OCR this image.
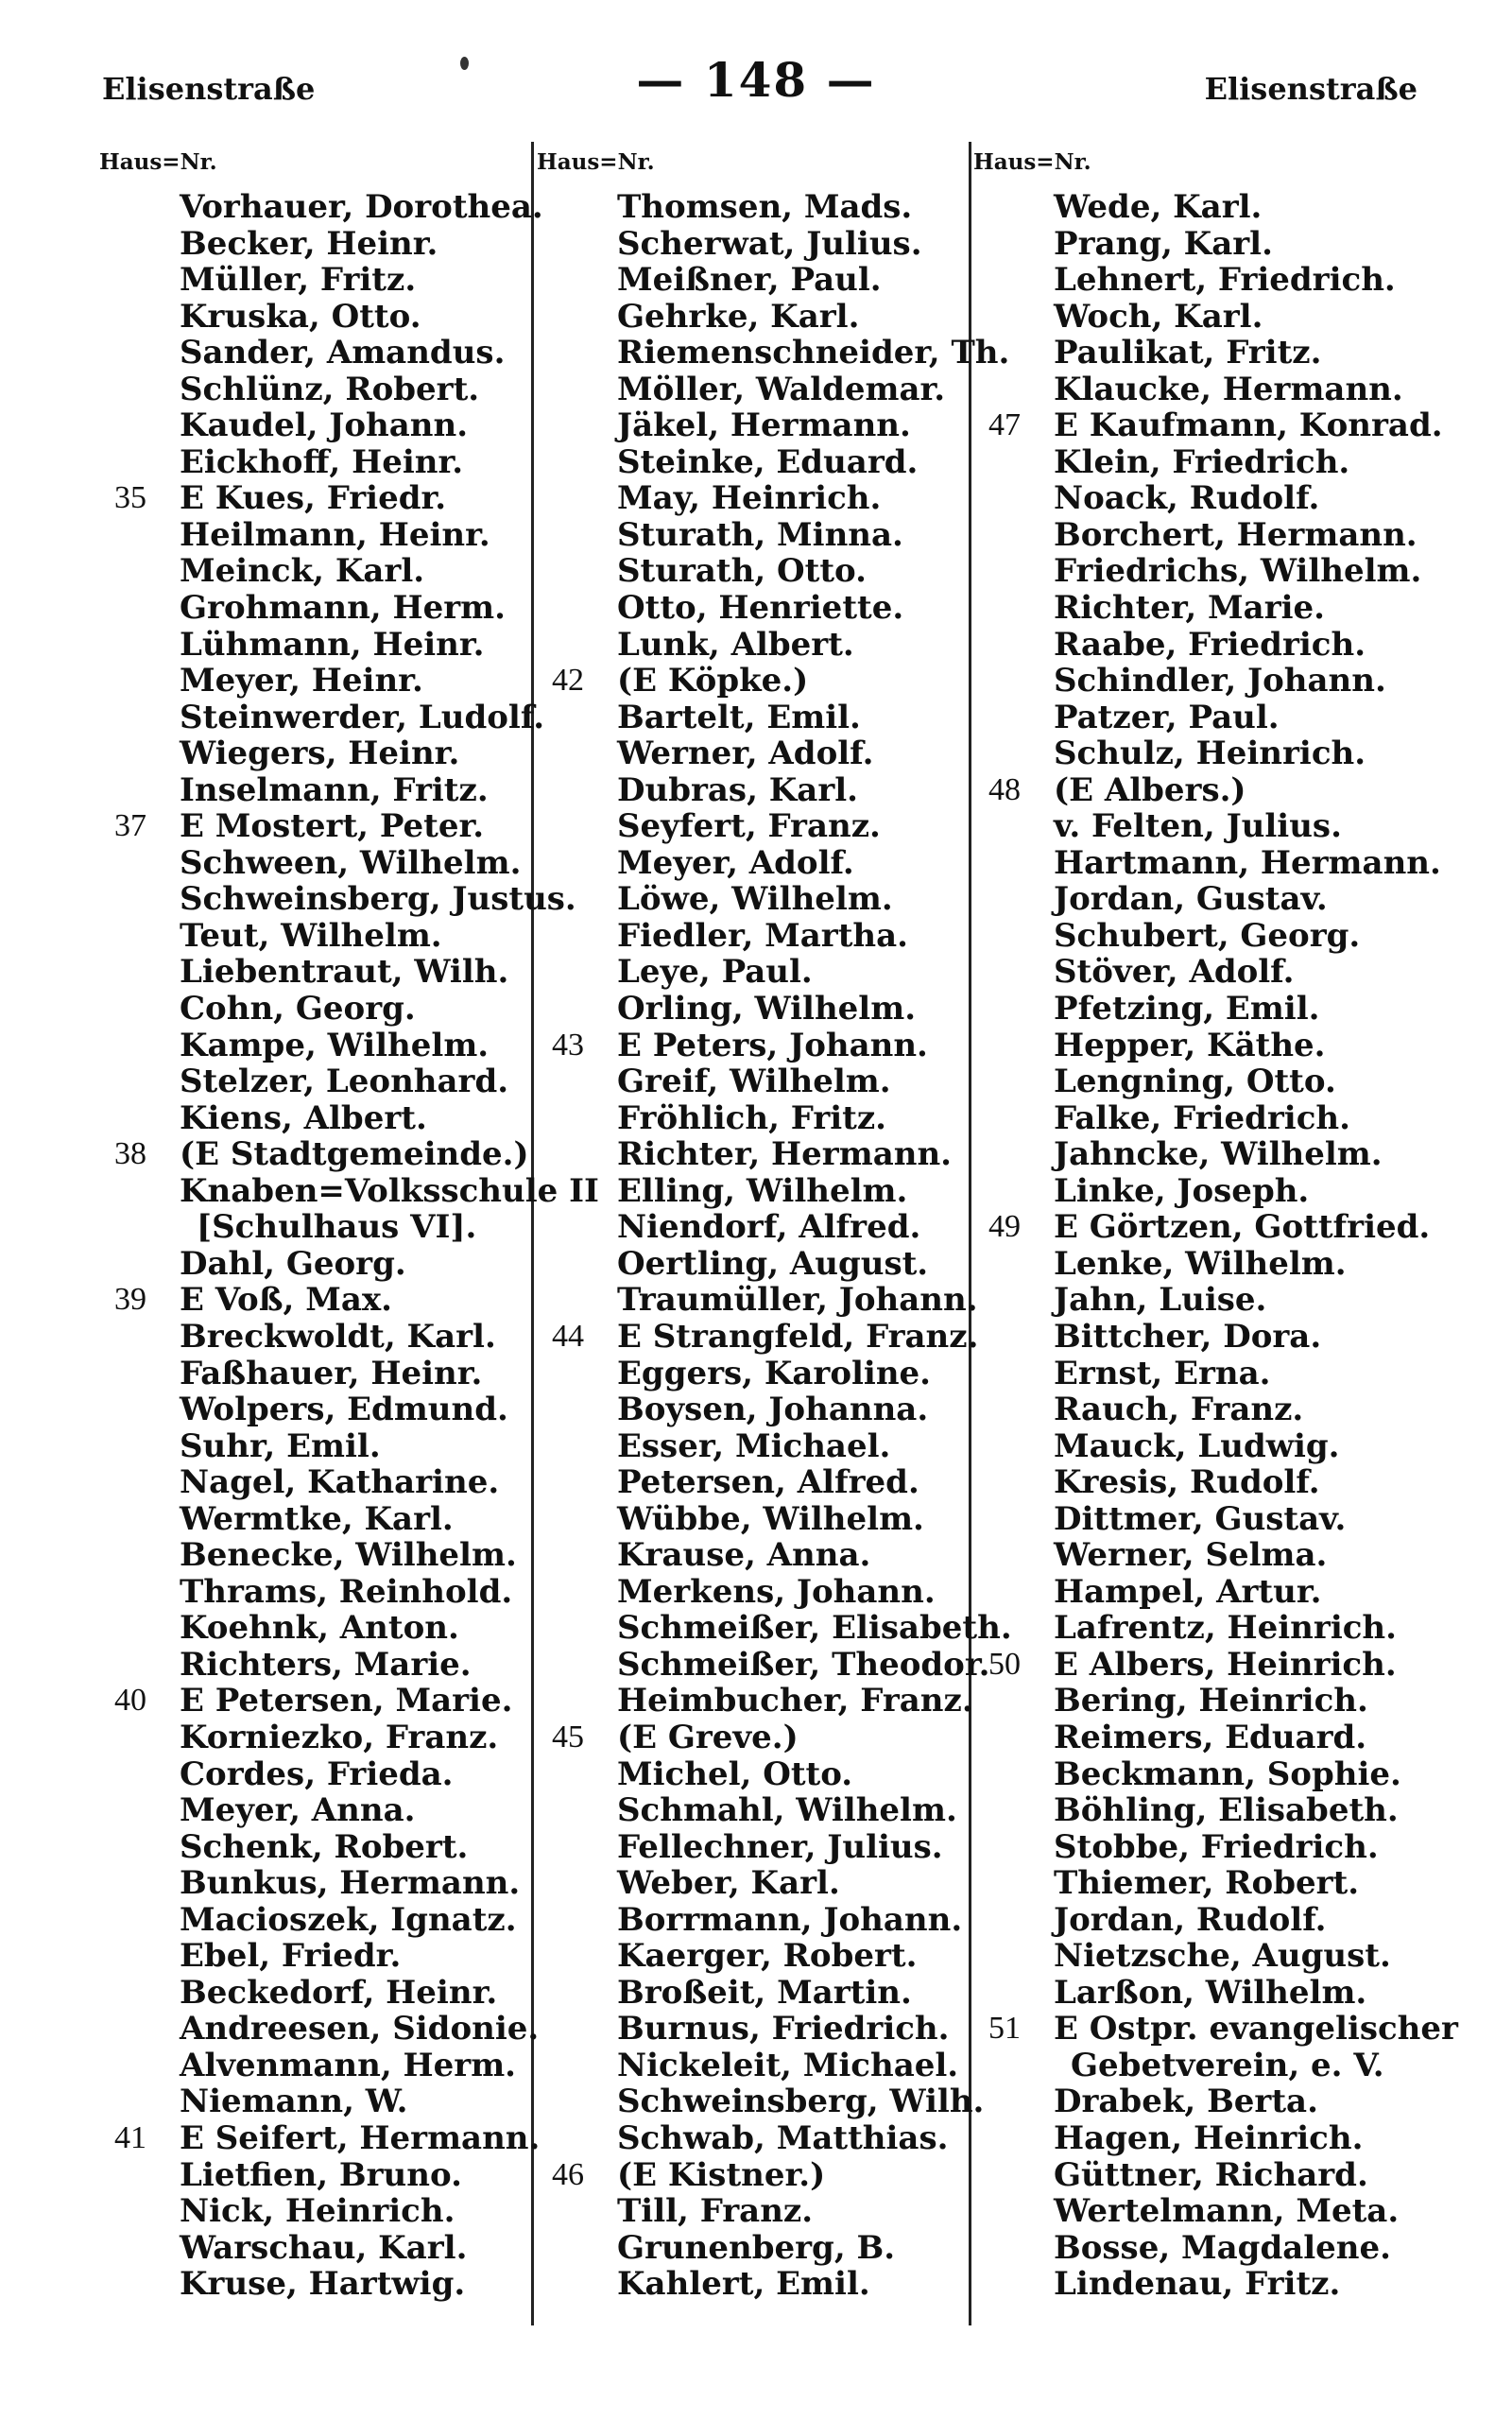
Elisenstraße	— 148 —	Elisenstraße
Haus=Nr.
Vorhauer, Dorothea.
Becker, Heinr.
Müller, Fritz.
Kruska, Otto.
Sander, Amandus.
Schlünz, Robert.
Kaudel, Johann.
Eickhoff, Heinr.
35 E Kues, Friedr.
Heilmann, Heinr.
Meinck, Karl.
Grohmann, Herm.
Lühmann, Heinr.
Meyer, Heinr.
Steinwerder, Ludolf.
Wiegers, Heinr.
Inselmann, Fritz.
37 E Mostert, Peter.
Schween, Wilhelm.
Schweinsberg, Justus.
Teut, Wilhelm.
Liebentraut, Wilh.
Cohn, Georg.
Kampe, Wilhelm.
Stelzer, Leonhard.
Kiens, Albert.
38 (E Stadtgemeinde.)
Knaben=Volksschule II
[Schulhaus VI].
Dahl, Georg.
39 E Voß, Max.
Breckwoldt, Karl.
Faßhauer, Heinr.
Wolpers, Edmund.
Suhr, Emil.
Nagel, Katharine.
Wermtke, Karl.
Benecke, Wilhelm.
Thrams, Reinhold.
Koehnk, Anton.
Richters, Marie.
40 E Petersen, Marie.
Korniezko, Franz.
Cordes, Frieda.
Meyer, Anna.
Schenk, Robert.
Bunkus, Hermann.
Macioszek, Ignatz.
Ebel, Friedr.
Beckedorf, Heinr.
Andreesen, Sidonie.
Alvenmann, Herm.
Niemann, W.
41 E Seifert, Hermann.
Lietfien, Bruno.
Nick, Heinrich.
Warschau, Karl.
Kruse, Hartwig.
Haus=Nr.
Thomsen, Mads.
Scherwat, Julius.
Meißner, Paul.
Gehrke, Karl.
Riemenschneider, Th.
Möller, Waldemar.
Jäkel, Hermann.
Steinke, Eduard.
May, Heinrich.
Sturath, Minna.
Sturath, Otto.
Otto, Henriette.
Lunk, Albert.
42 (E Köpke.)
Bartelt, Emil.
Werner, Adolf.
Dubras, Karl.
Seyfert, Franz.
Meyer, Adolf.
Löwe, Wilhelm.
Fiedler, Martha.
Leye, Paul.
Orling, Wilhelm.
43 E Peters, Johann.
Greif, Wilhelm.
Fröhlich, Fritz.
Richter, Hermann.
Elling, Wilhelm.
Niendorf, Alfred.
Oertling, August.
Traumüller, Johann.
44 E Strangfeld, Franz.
Eggers, Karoline.
Boysen, Johanna.
Esser, Michael.
Petersen, Alfred.
Wübbe, Wilhelm.
Krause, Anna.
Merkens, Johann.
Schmeißer, Elisabeth.
Schmeißer, Theodor.
Heimbucher, Franz.
45 (E Greve.)
Michel, Otto.
Schmahl, Wilhelm.
Fellechner, Julius.
Weber, Karl.
Borrmann, Johann.
Kaerger, Robert.
Broßeit, Martin.
Burnus, Friedrich.
Nickeleit, Michael.
Schweinsberg, Wilh.
Schwab, Matthias.
46 (E Kistner.)
Till, Franz.
Grunenberg, B.
Kahlert, Emil.
Haus=Nr.
Wede, Karl.
Prang, Karl.
Lehnert, Friedrich.
Woch, Karl.
Paulikat, Fritz.
Klaucke, Hermann.
47 E Kaufmann, Konrad.
Klein, Friedrich.
Noack, Rudolf.
Borchert, Hermann.
Friedrichs, Wilhelm.
Richter, Marie.
Raabe, Friedrich.
Schindler, Johann.
Patzer, Paul.
Schulz, Heinrich.
48 (E Albers.)
v. Felten, Julius.
Hartmann, Hermann.
Jordan, Gustav.
Schubert, Georg.
Stöver, Adolf.
Pfetzing, Emil.
Hepper, Käthe.
Lengning, Otto.
Falke, Friedrich.
Jahncke, Wilhelm.
Linke, Joseph.
49 E Görtzen, Gottfried.
Lenke, Wilhelm.
Jahn, Luise.
Bittcher, Dora.
Ernst, Erna.
Rauch, Franz.
Mauck, Ludwig.
Kresis, Rudolf.
Dittmer, Gustav.
Werner, Selma.
Hampel, Artur.
Lafrentz, Heinrich.
50 E Albers, Heinrich.
Bering, Heinrich.
Reimers, Eduard.
Beckmann, Sophie.
Böhling, Elisabeth.
Stobbe, Friedrich.
Thiemer, Robert.
Jordan, Rudolf.
Nietzsche, August.
Larßon, Wilhelm.
51 E Ostpr. evangelischer
Gebetverein, e. V.
Drabek, Berta.
Hagen, Heinrich.
Güttner, Richard.
Wertelmann, Meta.
Bosse, Magdalene.
Lindenau, Fritz.
